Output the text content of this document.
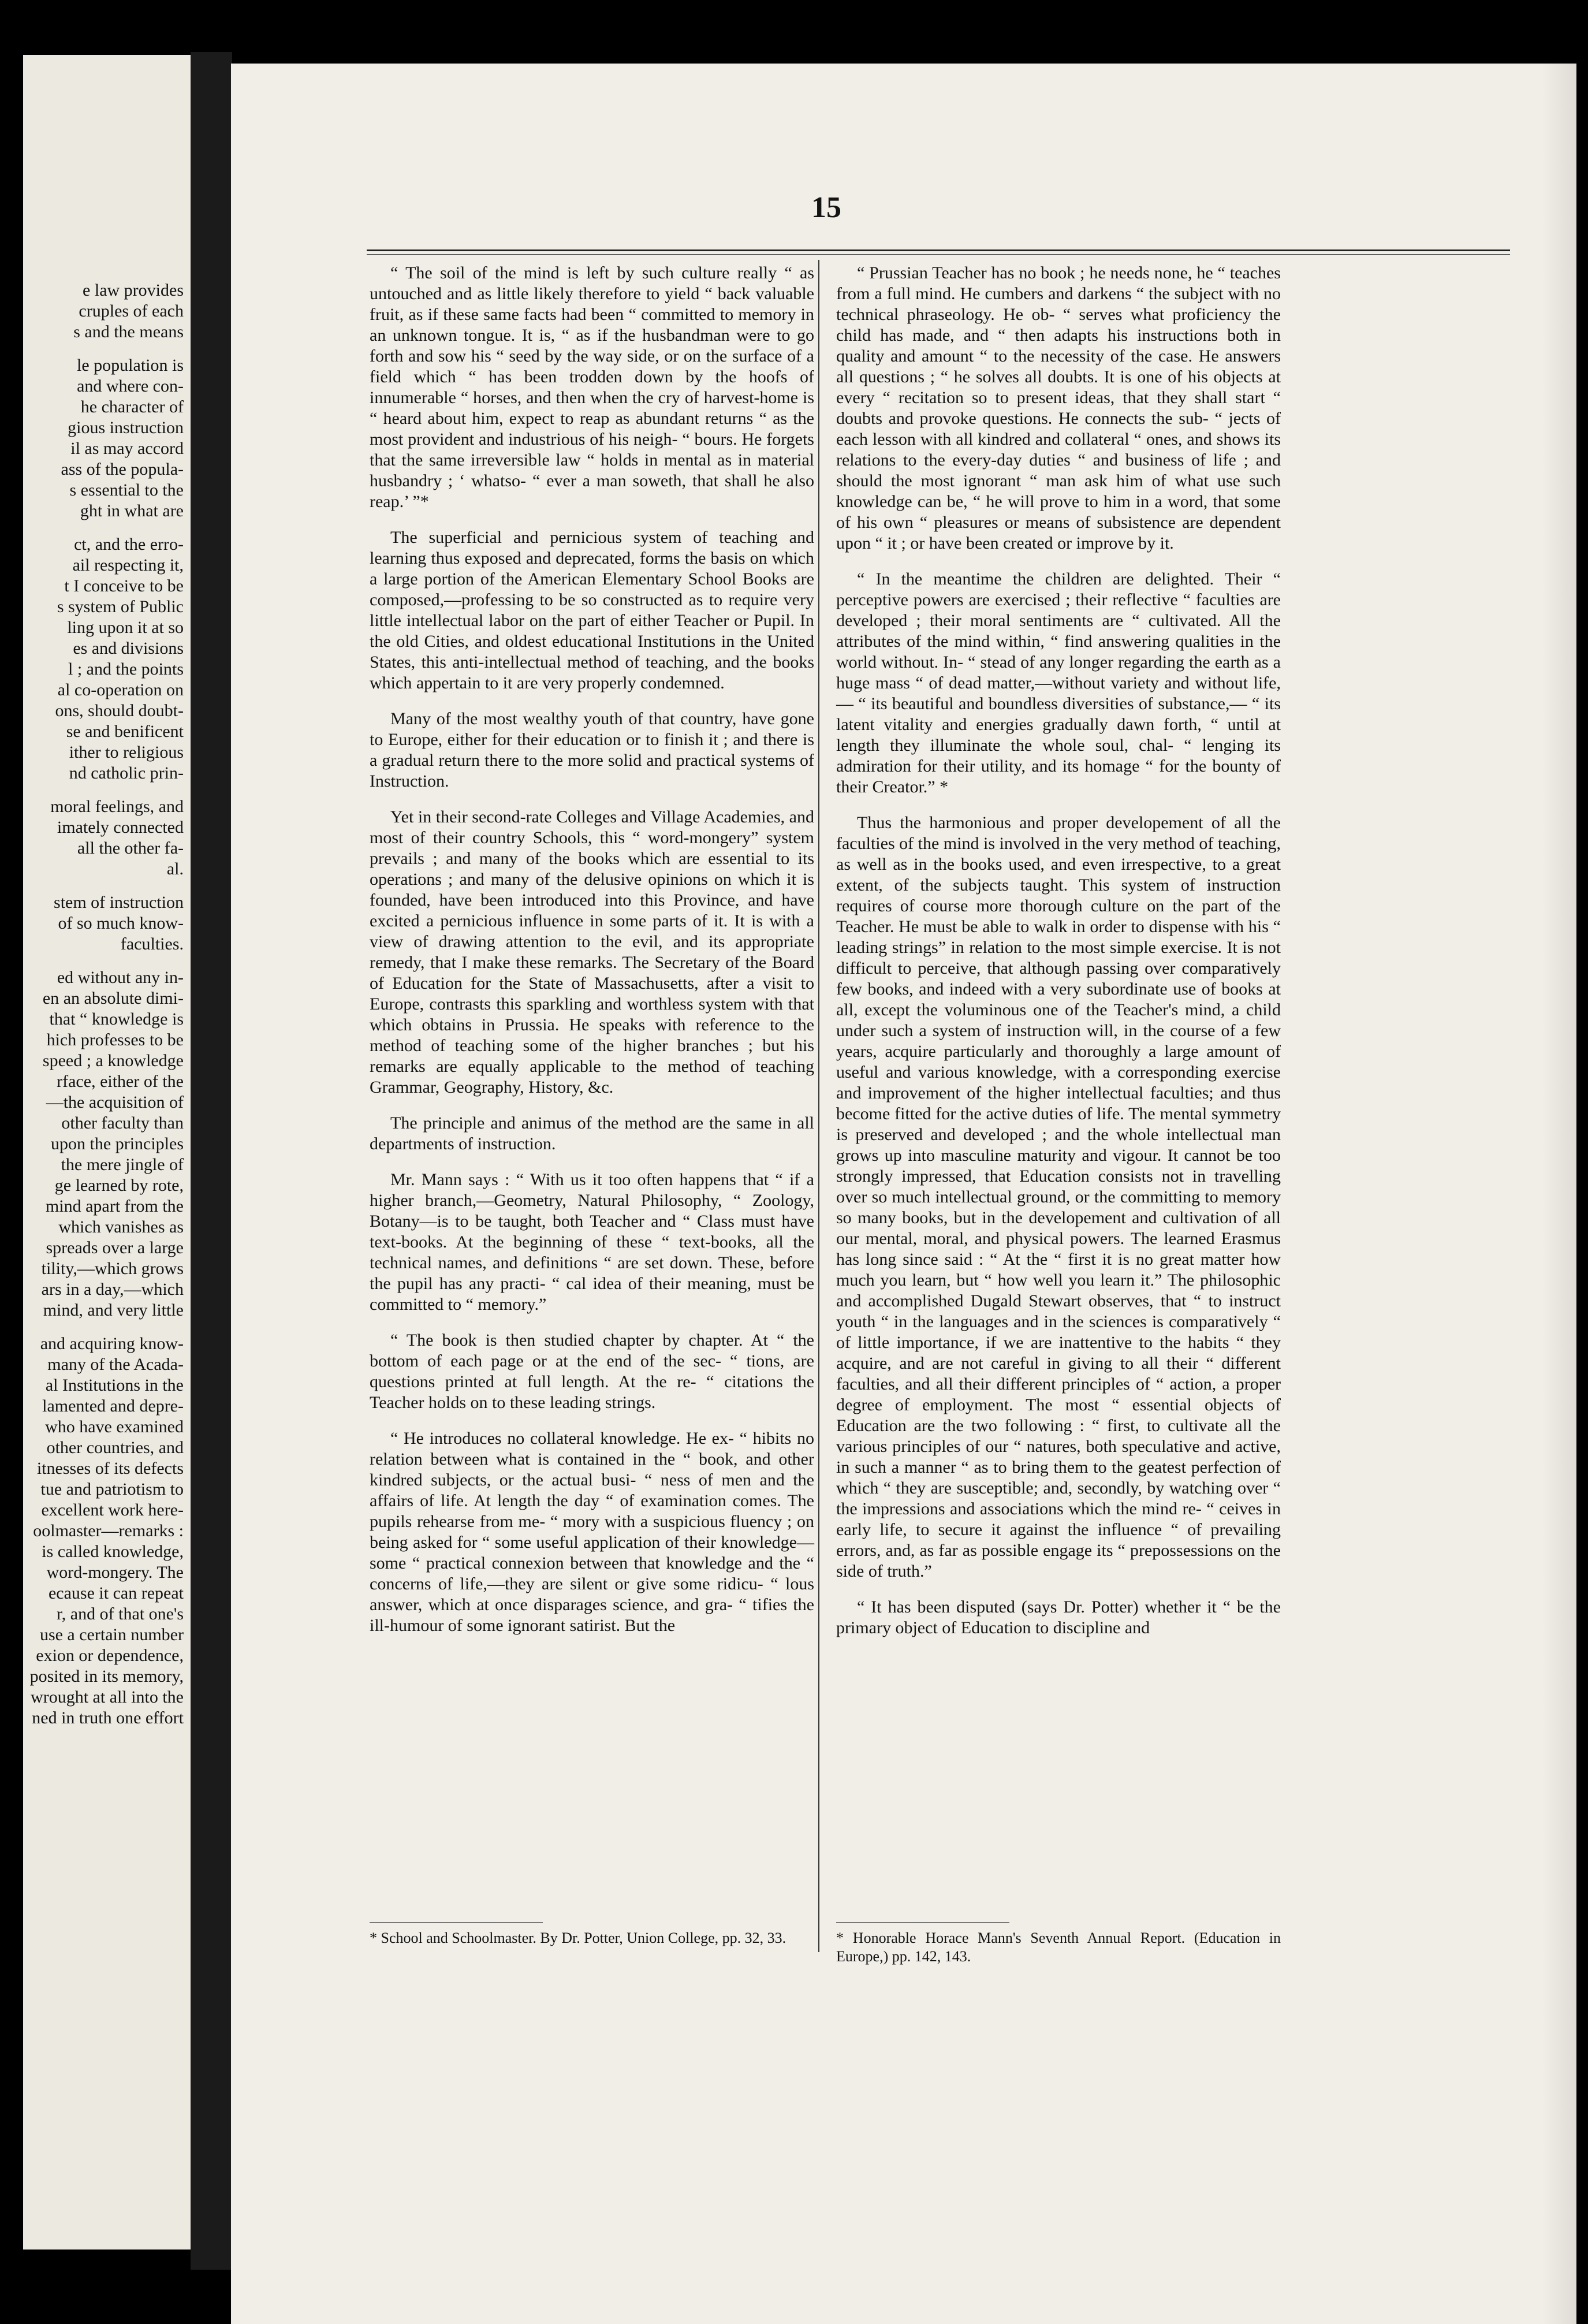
e law provides
cruples of each
s and the means
le population is
and where con-
he character of
gious instruction
il as may accord
ass of the popula-
s essential to the
ght in what are
ct, and the erro-
ail respecting it,
t I conceive to be
s system of Public
ling upon it at so
es and divisions
l ; and the points
al co-operation on
ons, should doubt-
se and benificent
ither to religious
nd catholic prin-
moral feelings, and
imately connected
all the other fa-
al.
stem of instruction
of so much know-
faculties.
ed without any in-
en an absolute dimi-
that “ knowledge is
hich professes to be
speed ; a knowledge
rface, either of the
—the acquisition of
other faculty than
upon the principles
the mere jingle of
ge learned by rote,
mind apart from the
which vanishes as
spreads over a large
tility,—which grows
ars in a day,—which
mind, and very little
and acquiring know-
many of the Acada-
al Institutions in the
lamented and depre-
who have examined
other countries, and
itnesses of its defects
tue and patriotism to
excellent work here-
oolmaster—remarks :
is called knowledge,
word-mongery. The
ecause it can repeat
r, and of that one's
use a certain number
exion or dependence,
posited in its memory,
wrought at all into the
ned in truth one effort
15

“ The soil of the mind is left by such culture really “ as untouched and as little likely therefore to yield “ back valuable fruit, as if these same facts had been “ committed to memory in an unknown tongue. It is, “ as if the husbandman were to go forth and sow his “ seed by the way side, or on the surface of a field which “ has been trodden down by the hoofs of innumerable “ horses, and then when the cry of harvest-home is “ heard about him, expect to reap as abundant returns “ as the most provident and industrious of his neigh- “ bours. He forgets that the same irreversible law “ holds in mental as in material husbandry ; ‘ whatso- “ ever a man soweth, that shall he also reap.’ ”*

The superficial and pernicious system of teaching and learning thus exposed and deprecated, forms the basis on which a large portion of the American Elementary School Books are composed,—professing to be so constructed as to require very little intellectual labor on the part of either Teacher or Pupil. In the old Cities, and oldest educational Institutions in the United States, this anti-intellectual method of teaching, and the books which appertain to it are very properly condemned.

Many of the most wealthy youth of that country, have gone to Europe, either for their education or to finish it ; and there is a gradual return there to the more solid and practical systems of Instruction.

Yet in their second-rate Colleges and Village Academies, and most of their country Schools, this “ word-mongery” system prevails ; and many of the books which are essential to its operations ; and many of the delusive opinions on which it is founded, have been introduced into this Province, and have excited a pernicious influence in some parts of it. It is with a view of drawing attention to the evil, and its appropriate remedy, that I make these remarks. The Secretary of the Board of Education for the State of Massachusetts, after a visit to Europe, contrasts this sparkling and worthless system with that which obtains in Prussia. He speaks with reference to the method of teaching some of the higher branches ; but his remarks are equally applicable to the method of teaching Grammar, Geography, History, &c.

The principle and animus of the method are the same in all departments of instruction.

Mr. Mann says : “ With us it too often happens that “ if a higher branch,—Geometry, Natural Philosophy, “ Zoology, Botany—is to be taught, both Teacher and “ Class must have text-books. At the beginning of these “ text-books, all the technical names, and definitions “ are set down. These, before the pupil has any practi- “ cal idea of their meaning, must be committed to “ memory.”

“ The book is then studied chapter by chapter. At “ the bottom of each page or at the end of the sec- “ tions, are questions printed at full length. At the re- “ citations the Teacher holds on to these leading strings.

“ He introduces no collateral knowledge. He ex- “ hibits no relation between what is contained in the “ book, and other kindred subjects, or the actual busi- “ ness of men and the affairs of life. At length the day “ of examination comes. The pupils rehearse from me- “ mory with a suspicious fluency ; on being asked for “ some useful application of their knowledge—some “ practical connexion between that knowledge and the “ concerns of life,—they are silent or give some ridicu- “ lous answer, which at once disparages science, and gra- “ tifies the ill-humour of some ignorant satirist. But the

“ Prussian Teacher has no book ; he needs none, he “ teaches from a full mind. He cumbers and darkens “ the subject with no technical phraseology. He ob- “ serves what proficiency the child has made, and “ then adapts his instructions both in quality and amount “ to the necessity of the case. He answers all questions ; “ he solves all doubts. It is one of his objects at every “ recitation so to present ideas, that they shall start “ doubts and provoke questions. He connects the sub- “ jects of each lesson with all kindred and collateral “ ones, and shows its relations to the every-day duties “ and business of life ; and should the most ignorant “ man ask him of what use such knowledge can be, “ he will prove to him in a word, that some of his own “ pleasures or means of subsistence are dependent upon “ it ; or have been created or improve by it.

“ In the meantime the children are delighted. Their “ perceptive powers are exercised ; their reflective “ faculties are developed ; their moral sentiments are “ cultivated. All the attributes of the mind within, “ find answering qualities in the world without. In- “ stead of any longer regarding the earth as a huge mass “ of dead matter,—without variety and without life,— “ its beautiful and boundless diversities of substance,— “ its latent vitality and energies gradually dawn forth, “ until at length they illuminate the whole soul, chal- “ lenging its admiration for their utility, and its homage “ for the bounty of their Creator.” *

Thus the harmonious and proper developement of all the faculties of the mind is involved in the very method of teaching, as well as in the books used, and even irrespective, to a great extent, of the subjects taught. This system of instruction requires of course more thorough culture on the part of the Teacher. He must be able to walk in order to dispense with his “ leading strings” in relation to the most simple exercise. It is not difficult to perceive, that although passing over comparatively few books, and indeed with a very subordinate use of books at all, except the voluminous one of the Teacher's mind, a child under such a system of instruction will, in the course of a few years, acquire particularly and thoroughly a large amount of useful and various knowledge, with a corresponding exercise and improvement of the higher intellectual faculties; and thus become fitted for the active duties of life. The mental symmetry is preserved and developed ; and the whole intellectual man grows up into masculine maturity and vigour. It cannot be too strongly impressed, that Education consists not in travelling over so much intellectual ground, or the committing to memory so many books, but in the developement and cultivation of all our mental, moral, and physical powers. The learned Erasmus has long since said : “ At the “ first it is no great matter how much you learn, but “ how well you learn it.” The philosophic and accomplished Dugald Stewart observes, that “ to instruct youth “ in the languages and in the sciences is comparatively “ of little importance, if we are inattentive to the habits “ they acquire, and are not careful in giving to all their “ different faculties, and all their different principles of “ action, a proper degree of employment. The most “ essential objects of Education are the two following : “ first, to cultivate all the various principles of our “ natures, both speculative and active, in such a manner “ as to bring them to the geatest perfection of which “ they are susceptible; and, secondly, by watching over “ the impressions and associations which the mind re- “ ceives in early life, to secure it against the influence “ of prevailing errors, and, as far as possible engage its “ prepossessions on the side of truth.”

“ It has been disputed (says Dr. Potter) whether it “ be the primary object of Education to discipline and

* School and Schoolmaster. By Dr. Potter, Union College, pp. 32, 33.	* Honorable Horace Mann's Seventh Annual Report. (Education in Europe,) pp. 142, 143.
